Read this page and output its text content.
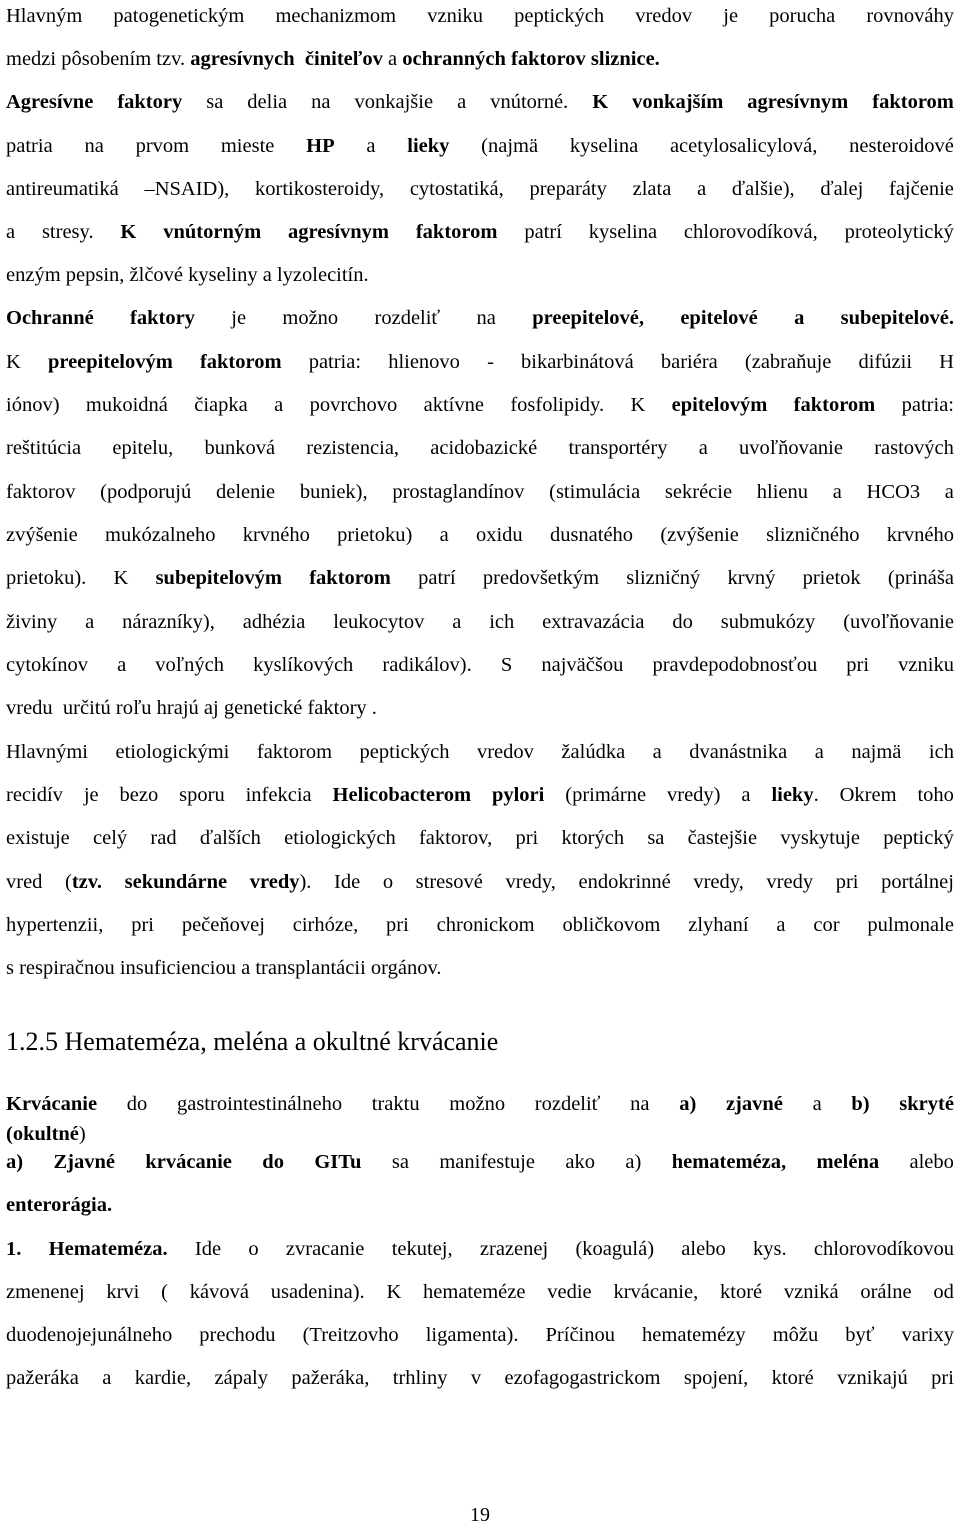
Hlavným patogenetickým mechanizmom vzniku peptických vredov je porucha rovnováhy
medzi pôsobením tzv. agresívnych  činiteľov a ochranných faktorov sliznice.
Agresívne faktory sa delia na vonkajšie a vnútorné. K vonkajším agresívnym faktorom
patria na prvom mieste HP a lieky (najmä kyselina acetylosalicylová, nesteroidové
antireumatiká –NSAID), kortikosteroidy, cytostatiká, preparáty zlata a ďalšie), ďalej fajčenie
a stresy. K vnútorným agresívnym faktorom patrí kyselina chlorovodíková, proteolytický
enzým pepsin, žlčové kyseliny a lyzolecitín.
Ochranné faktory je možno rozdeliť na preepitelové, epitelové a subepitelové.
K preepitelovým faktorom patria: hlienovo - bikarbinátová bariéra (zabraňuje difúzii H
iónov) mukoidná čiapka a povrchovo aktívne fosfolipidy. K epitelovým faktorom patria:
reštitúcia epitelu, bunková rezistencia, acidobazické transportéry a uvoľňovanie rastových
faktorov (podporujú delenie buniek), prostaglandínov (stimulácia sekrécie hlienu a HCO3 a
zvýšenie mukózalneho krvného prietoku) a oxidu dusnatého (zvýšenie slizničného krvného
prietoku). K subepitelovým faktorom patrí predovšetkým slizničný krvný prietok (prináša
živiny a nárazníky), adhézia leukocytov a ich extravazácia do submukózy (uvoľňovanie
cytokínov a voľných kyslíkových radikálov). S najväčšou pravdepodobnosťou pri vzniku
vredu  určitú roľu hrajú aj genetické faktory .
Hlavnými etiologickými faktorom peptických vredov žalúdka a dvanástnika a najmä ich
recidív je bezo sporu infekcia Helicobacterom pylori (primárne vredy) a lieky. Okrem toho
existuje celý rad ďalších etiologických faktorov, pri ktorých sa častejšie vyskytuje peptický
vred (tzv. sekundárne vredy). Ide o stresové vredy, endokrinné vredy, vredy pri portálnej
hypertenzii, pri pečeňovej cirhóze, pri chronickom obličkovom zlyhaní a cor pulmonale
s respiračnou insuficienciou a transplantácii orgánov.
1.2.5 Hemateméza, meléna a okultné krvácanie
Krvácanie do gastrointestinálneho traktu možno rozdeliť na a) zjavné a b) skryté
(okultné )
a) Zjavné krvácanie do GITu sa manifestuje ako a) hemateméza, meléna alebo
enterorágia.
1. Hemateméza. Ide o zvracanie tekutej, zrazenej (koagulá) alebo kys. chlorovodíkovou
zmenenej krvi ( kávová usadenina). K hemateméze vedie krvácanie, ktoré vzniká orálne od
duodenojejunálneho prechodu (Treitzovho ligamenta). Príčinou hematemézy môžu byť varixy
pažeráka a kardie, zápaly pažeráka, trhliny v ezofagogastrickom spojení, ktoré vznikajú pri
19
